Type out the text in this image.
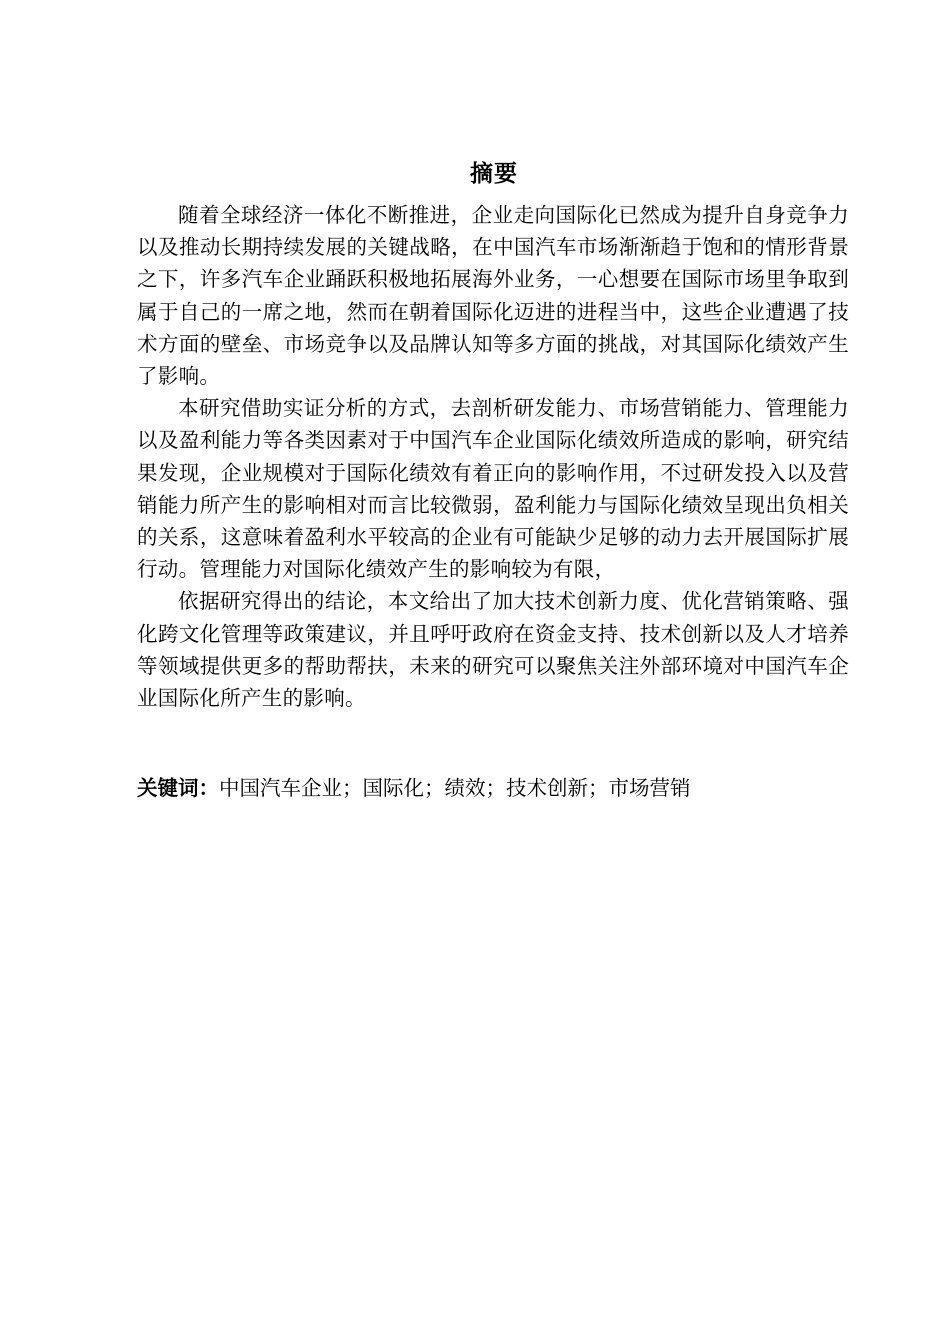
摘要

随着全球经济一体化不断推进，企业走向国际化已然成为提升自身竞争力以及推动长期持续发展的关键战略，在中国汽车市场渐渐趋于饱和的情形背景之下，许多汽车企业踊跃积极地拓展海外业务，一心想要在国际市场里争取到属于自己的一席之地，然而在朝着国际化迈进的进程当中，这些企业遭遇了技术方面的壁垒、市场竞争以及品牌认知等多方面的挑战，对其国际化绩效产生了影响。

本研究借助实证分析的方式，去剖析研发能力、市场营销能力、管理能力以及盈利能力等各类因素对于中国汽车企业国际化绩效所造成的影响，研究结果发现，企业规模对于国际化绩效有着正向的影响作用，不过研发投入以及营销能力所产生的影响相对而言比较微弱，盈利能力与国际化绩效呈现出负相关的关系，这意味着盈利水平较高的企业有可能缺少足够的动力去开展国际扩展行动。管理能力对国际化绩效产生的影响较为有限，

依据研究得出的结论，本文给出了加大技术创新力度、优化营销策略、强化跨文化管理等政策建议，并且呼吁政府在资金支持、技术创新以及人才培养等领域提供更多的帮助帮扶，未来的研究可以聚焦关注外部环境对中国汽车企业国际化所产生的影响。

关键词：中国汽车企业；国际化；绩效；技术创新；市场营销
